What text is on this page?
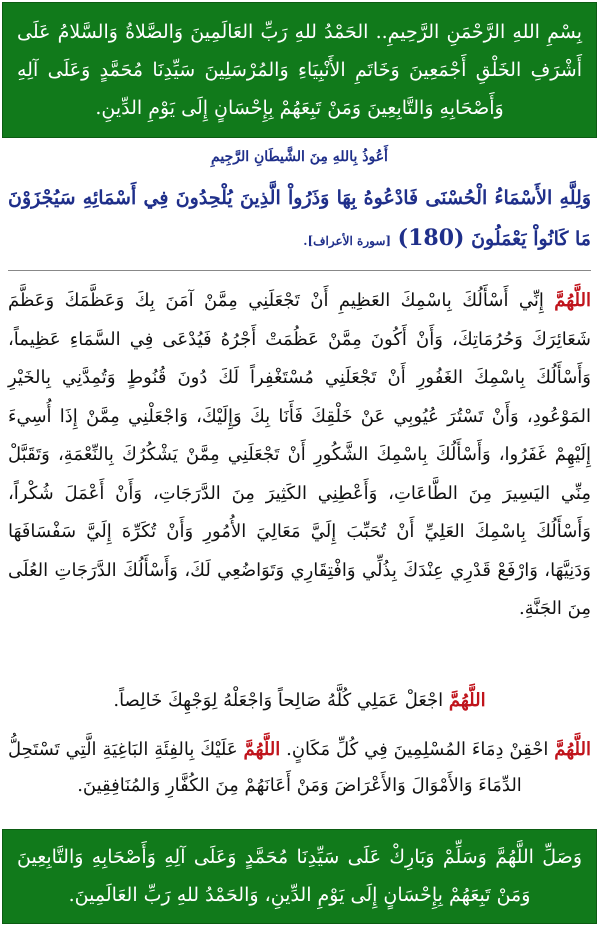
بِسْمِ اللهِ الرَّحْمَنِ الرَّحِيمِ.. الحَمْدُ للهِ رَبِّ العَالَمِينَ وَالصَّلاةُ وَالسَّلامُ عَلَى أَشْرَفِ الخَلْقِ أَجْمَعِينَ وَخَاتَمِ الأَنْبِيَاءِ وَالمُرْسَلِينَ سَيِّدِنَا مُحَمَّدٍ وَعَلَى آلِهِ وَأَصْحَابِهِ وَالتَّابِعِينَ وَمَنْ تَبِعَهُمْ بِإِحْسَانٍ إِلَى يَوْمِ الدِّينِ.
أَعُوذُ بِاللهِ مِنَ الشَّيطَانِ الرَّجِيمِ
وَلِلَّهِ الأَسْمَاءُ الْحُسْنَى فَادْعُوهُ بِهَا وَذَرُواْ الَّذِينَ يُلْحِدُونَ فِي أَسْمَائِهِ سَيُجْزَوْنَ مَا كَانُواْ يَعْمَلُونَ (180) [سورة الأعراف].
اللَّهُمَّ إِنِّي أَسْأَلُكَ بِاسْمِكَ العَظِيمِ أَنْ تَجْعَلَنِي مِمَّنْ آمَنَ بِكَ وَعَظَّمَكَ وَعَظَّمَ شَعَائِرَكَ وَحُرُمَاتِكَ، وَأَنْ أَكُونَ مِمَّنْ عَظُمَتْ أَجْرُهُ فَيُدْعَى فِي السَّمَاءِ عَظِيماً، وَأَسْأَلُكَ بِاسْمِكَ الغَفُورِ أَنْ تَجْعَلَنِي مُسْتَغْفِراً لَكَ دُونَ قُنُوطٍ وَتُمِدَّنِي بِالخَيْرِ المَوْعُودِ، وَأَنْ تَسْتُرَ عُيُوبِي عَنْ خَلْقِكَ فَأَنَا بِكَ وَإِلَيْكَ، وَاجْعَلْنِي مِمَّنْ إِذَا أُسِيءَ إِلَيْهِمْ غَفَرُوا، وَأَسْأَلُكَ بِاسْمِكَ الشَّكُورِ أَنْ تَجْعَلَنِي مِمَّنْ يَشْكُرُكَ بِالنِّعْمَةِ، وَتَقَبَّلْ مِنِّي اليَسِيرَ مِنَ الطَّاعَاتِ، وَأَعْطِنِي الكَثِيرَ مِنَ الدَّرَجَاتِ، وَأَنْ أَعْمَلَ شُكْراً، وَأَسْأَلُكَ بِاسْمِكَ العَلِيِّ أَنْ تُحَبِّبَ إِلَيَّ مَعَالِيَ الأُمُورِ وَأَنْ تُكَرِّهَ إِلَيَّ سَفْسَافَهَا وَدَنِيَّهَا، وَارْفَعْ قَدْرِي عِنْدَكَ بِذُلِّي وَافْتِقَارِي وَتَوَاضُعِي لَكَ، وَأَسْأَلُكَ الدَّرَجَاتِ العُلَى مِنَ الجَنَّةِ.
اللَّهُمَّ اجْعَلْ عَمَلِي كُلَّهُ صَالِحاً وَاجْعَلْهُ لِوَجْهِكَ خَالِصاً.
اللَّهُمَّ احْقِنْ دِمَاءَ المُسْلِمِينَ فِي كُلِّ مَكَانٍ. اللَّهُمَّ عَلَيْكَ بِالفِئَةِ البَاغِيَةِ الَّتِي تَسْتَحِلُّ الدِّمَاءَ وَالأَمْوَالَ وَالأَعْرَاضَ وَمَنْ أَعَانَهُمْ مِنَ الكُفَّارِ وَالمُنَافِقِينَ.
وَصَلِّ اللَّهُمَّ وَسَلِّمْ وَبَارِكْ عَلَى سَيِّدِنَا مُحَمَّدٍ وَعَلَى آلِهِ وَأَصْحَابِهِ وَالتَّابِعِينَ وَمَنْ تَبِعَهُمْ بِإِحْسَانٍ إِلَى يَوْمِ الدِّينِ، وَالحَمْدُ للهِ رَبِّ العَالَمِينَ.
